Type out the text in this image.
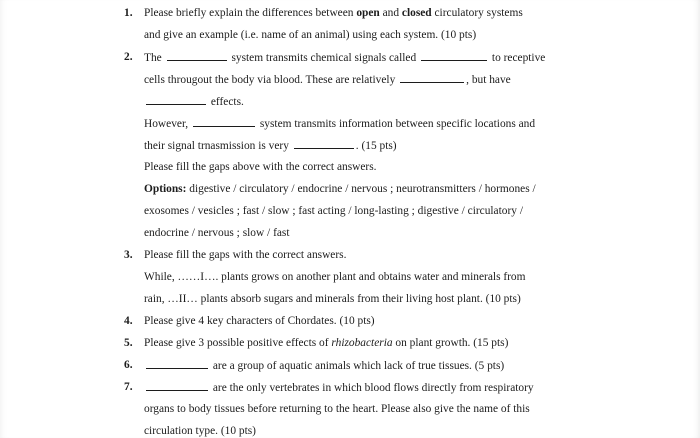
1. Please briefly explain the differences between open and closed circulatory systems
and give an example (i.e. name of an animal) using each system. (10 pts)
2. The	system transmits chemical signals called	to receptive
cells througout the body via blood. These are relatively	, but have
effects.
However,	system transmits information between specific locations and
their signal trnasmission is very	. (15 pts)
Please fill the gaps above with the correct answers.
Options: digestive / circulatory / endocrine / nervous ; neurotransmitters / hormones /
exosomes / vesicles ; fast / slow ; fast acting / long-lasting ; digestive / circulatory /
endocrine / nervous ; slow / fast
3. Please fill the gaps with the correct answers.
While, ……I…. plants grows on another plant and obtains water and minerals from
rain, …II… plants absorb sugars and minerals from their living host plant. (10 pts)
4. Please give 4 key characters of Chordates. (10 pts)
5. Please give 3 possible positive effects of rhizobacteria on plant growth. (15 pts)
6.	are a group of aquatic animals which lack of true tissues. (5 pts)
7.	are the only vertebrates in which blood flows directly from respiratory
organs to body tissues before returning to the heart. Please also give the name of this
circulation type. (10 pts)
